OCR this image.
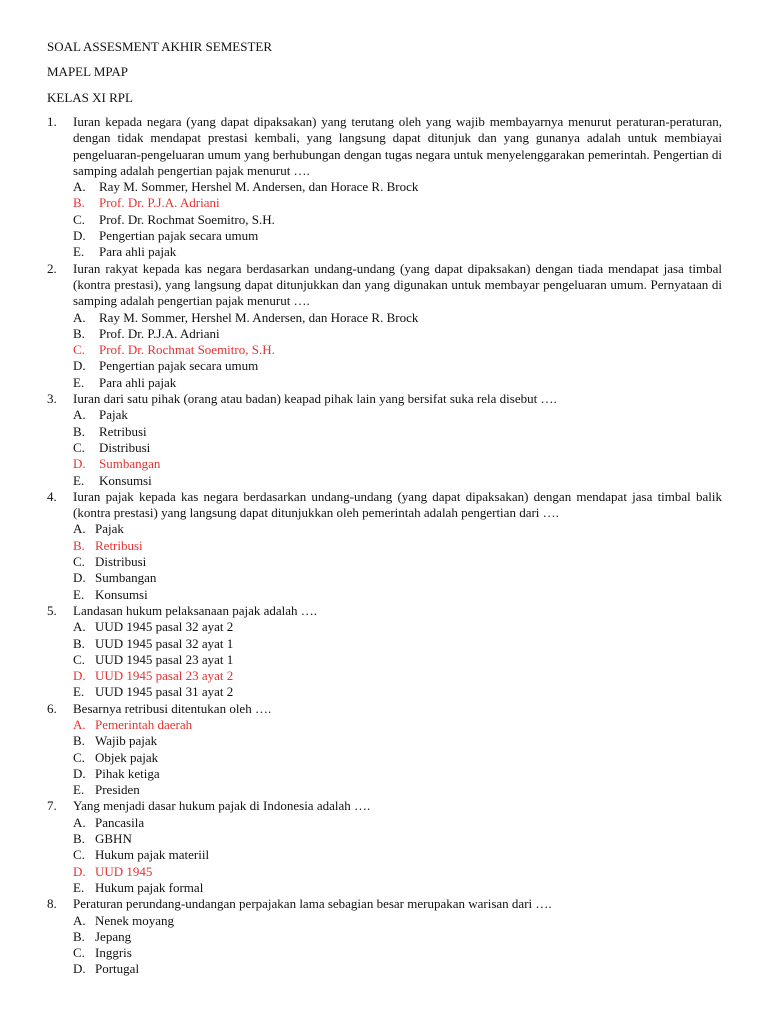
SOAL ASSESMENT AKHIR SEMESTER
MAPEL MPAP
KELAS XI RPL
1. Iuran kepada negara (yang dapat dipaksakan) yang terutang oleh yang wajib membayarnya menurut peraturan-peraturan, dengan tidak mendapat prestasi kembali, yang langsung dapat ditunjuk dan yang gunanya adalah untuk membiayai pengeluaran-pengeluaran umum yang berhubungan dengan tugas negara untuk menyelenggarakan pemerintah. Pengertian di samping adalah pengertian pajak menurut ….
A. Ray M. Sommer, Hershel M. Andersen, dan Horace R. Brock
B. Prof. Dr. P.J.A. Adriani
C. Prof. Dr. Rochmat Soemitro, S.H.
D. Pengertian pajak secara umum
E. Para ahli pajak
2. Iuran rakyat kepada kas negara berdasarkan undang-undang (yang dapat dipaksakan) dengan tiada mendapat jasa timbal (kontra prestasi), yang langsung dapat ditunjukkan dan yang digunakan untuk membayar pengeluaran umum. Pernyataan di samping adalah pengertian pajak menurut ….
A. Ray M. Sommer, Hershel M. Andersen, dan Horace R. Brock
B. Prof. Dr. P.J.A. Adriani
C. Prof. Dr. Rochmat Soemitro, S.H.
D. Pengertian pajak secara umum
E. Para ahli pajak
3. Iuran dari satu pihak (orang atau badan) keapad pihak lain yang bersifat suka rela disebut ….
A. Pajak
B. Retribusi
C. Distribusi
D. Sumbangan
E. Konsumsi
4. Iuran pajak kepada kas negara berdasarkan undang-undang (yang dapat dipaksakan) dengan mendapat jasa timbal balik (kontra prestasi) yang langsung dapat ditunjukkan oleh pemerintah adalah pengertian dari ….
A. Pajak
B. Retribusi
C. Distribusi
D. Sumbangan
E. Konsumsi
5. Landasan hukum pelaksanaan pajak adalah ….
A. UUD 1945 pasal 32 ayat 2
B. UUD 1945 pasal 32 ayat 1
C. UUD 1945 pasal 23 ayat 1
D. UUD 1945 pasal 23 ayat 2
E. UUD 1945 pasal 31 ayat 2
6. Besarnya retribusi ditentukan oleh ….
A. Pemerintah daerah
B. Wajib pajak
C. Objek pajak
D. Pihak ketiga
E. Presiden
7. Yang menjadi dasar hukum pajak di Indonesia adalah ….
A. Pancasila
B. GBHN
C. Hukum pajak materiil
D. UUD 1945
E. Hukum pajak formal
8. Peraturan perundang-undangan perpajakan lama sebagian besar merupakan warisan dari ….
A. Nenek moyang
B. Jepang
C. Inggris
D. Portugal
